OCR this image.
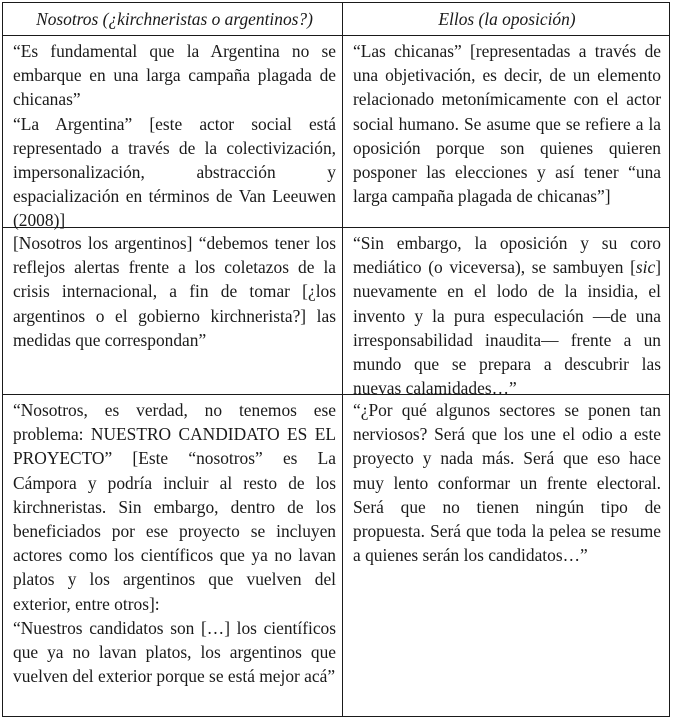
Nosotros (¿kirchneristas o argentinos?)	Ellos (la oposición)

“Es fundamental que la Argentina no se embarque en una larga campaña plagada de chicanas”

“La Argentina” [este actor social está representado a través de la colectivización, impersonalización, abstracción y espacialización en términos de Van Leeuwen (2008)]

“Las chicanas” [representadas a través de una objetivación, es decir, de un elemento relacionado metonímicamente con el actor social humano. Se asume que se refiere a la oposición porque son quienes quieren posponer las elecciones y así tener “una larga campaña plagada de chicanas”]

[Nosotros los argentinos] “debemos tener los reflejos alertas frente a los coletazos de la crisis internacional, a fin de tomar [¿los argentinos o el gobierno kirchnerista?] las medidas que correspondan”

“Sin embargo, la oposición y su coro mediático (o viceversa), se sambuyen [sic] nuevamente en el lodo de la insidia, el invento y la pura especulación —de una irresponsabilidad inaudita— frente a un mundo que se prepara a descubrir las nuevas calamidades…”

“Nosotros, es verdad, no tenemos ese problema: NUESTRO CANDIDATO ES EL PROYECTO” [Este “nosotros” es La Cámpora y podría incluir al resto de los kirchneristas. Sin embargo, dentro de los beneficiados por ese proyecto se incluyen actores como los científicos que ya no lavan platos y los argentinos que vuelven del exterior, entre otros]:

“Nuestros candidatos son […] los científicos que ya no lavan platos, los argentinos que vuelven del exterior porque se está mejor acá”

“¿Por qué algunos sectores se ponen tan nerviosos? Será que los une el odio a este proyecto y nada más. Será que eso hace muy lento conformar un frente electoral. Será que no tienen ningún tipo de propuesta. Será que toda la pelea se resume a quienes serán los candidatos…”
